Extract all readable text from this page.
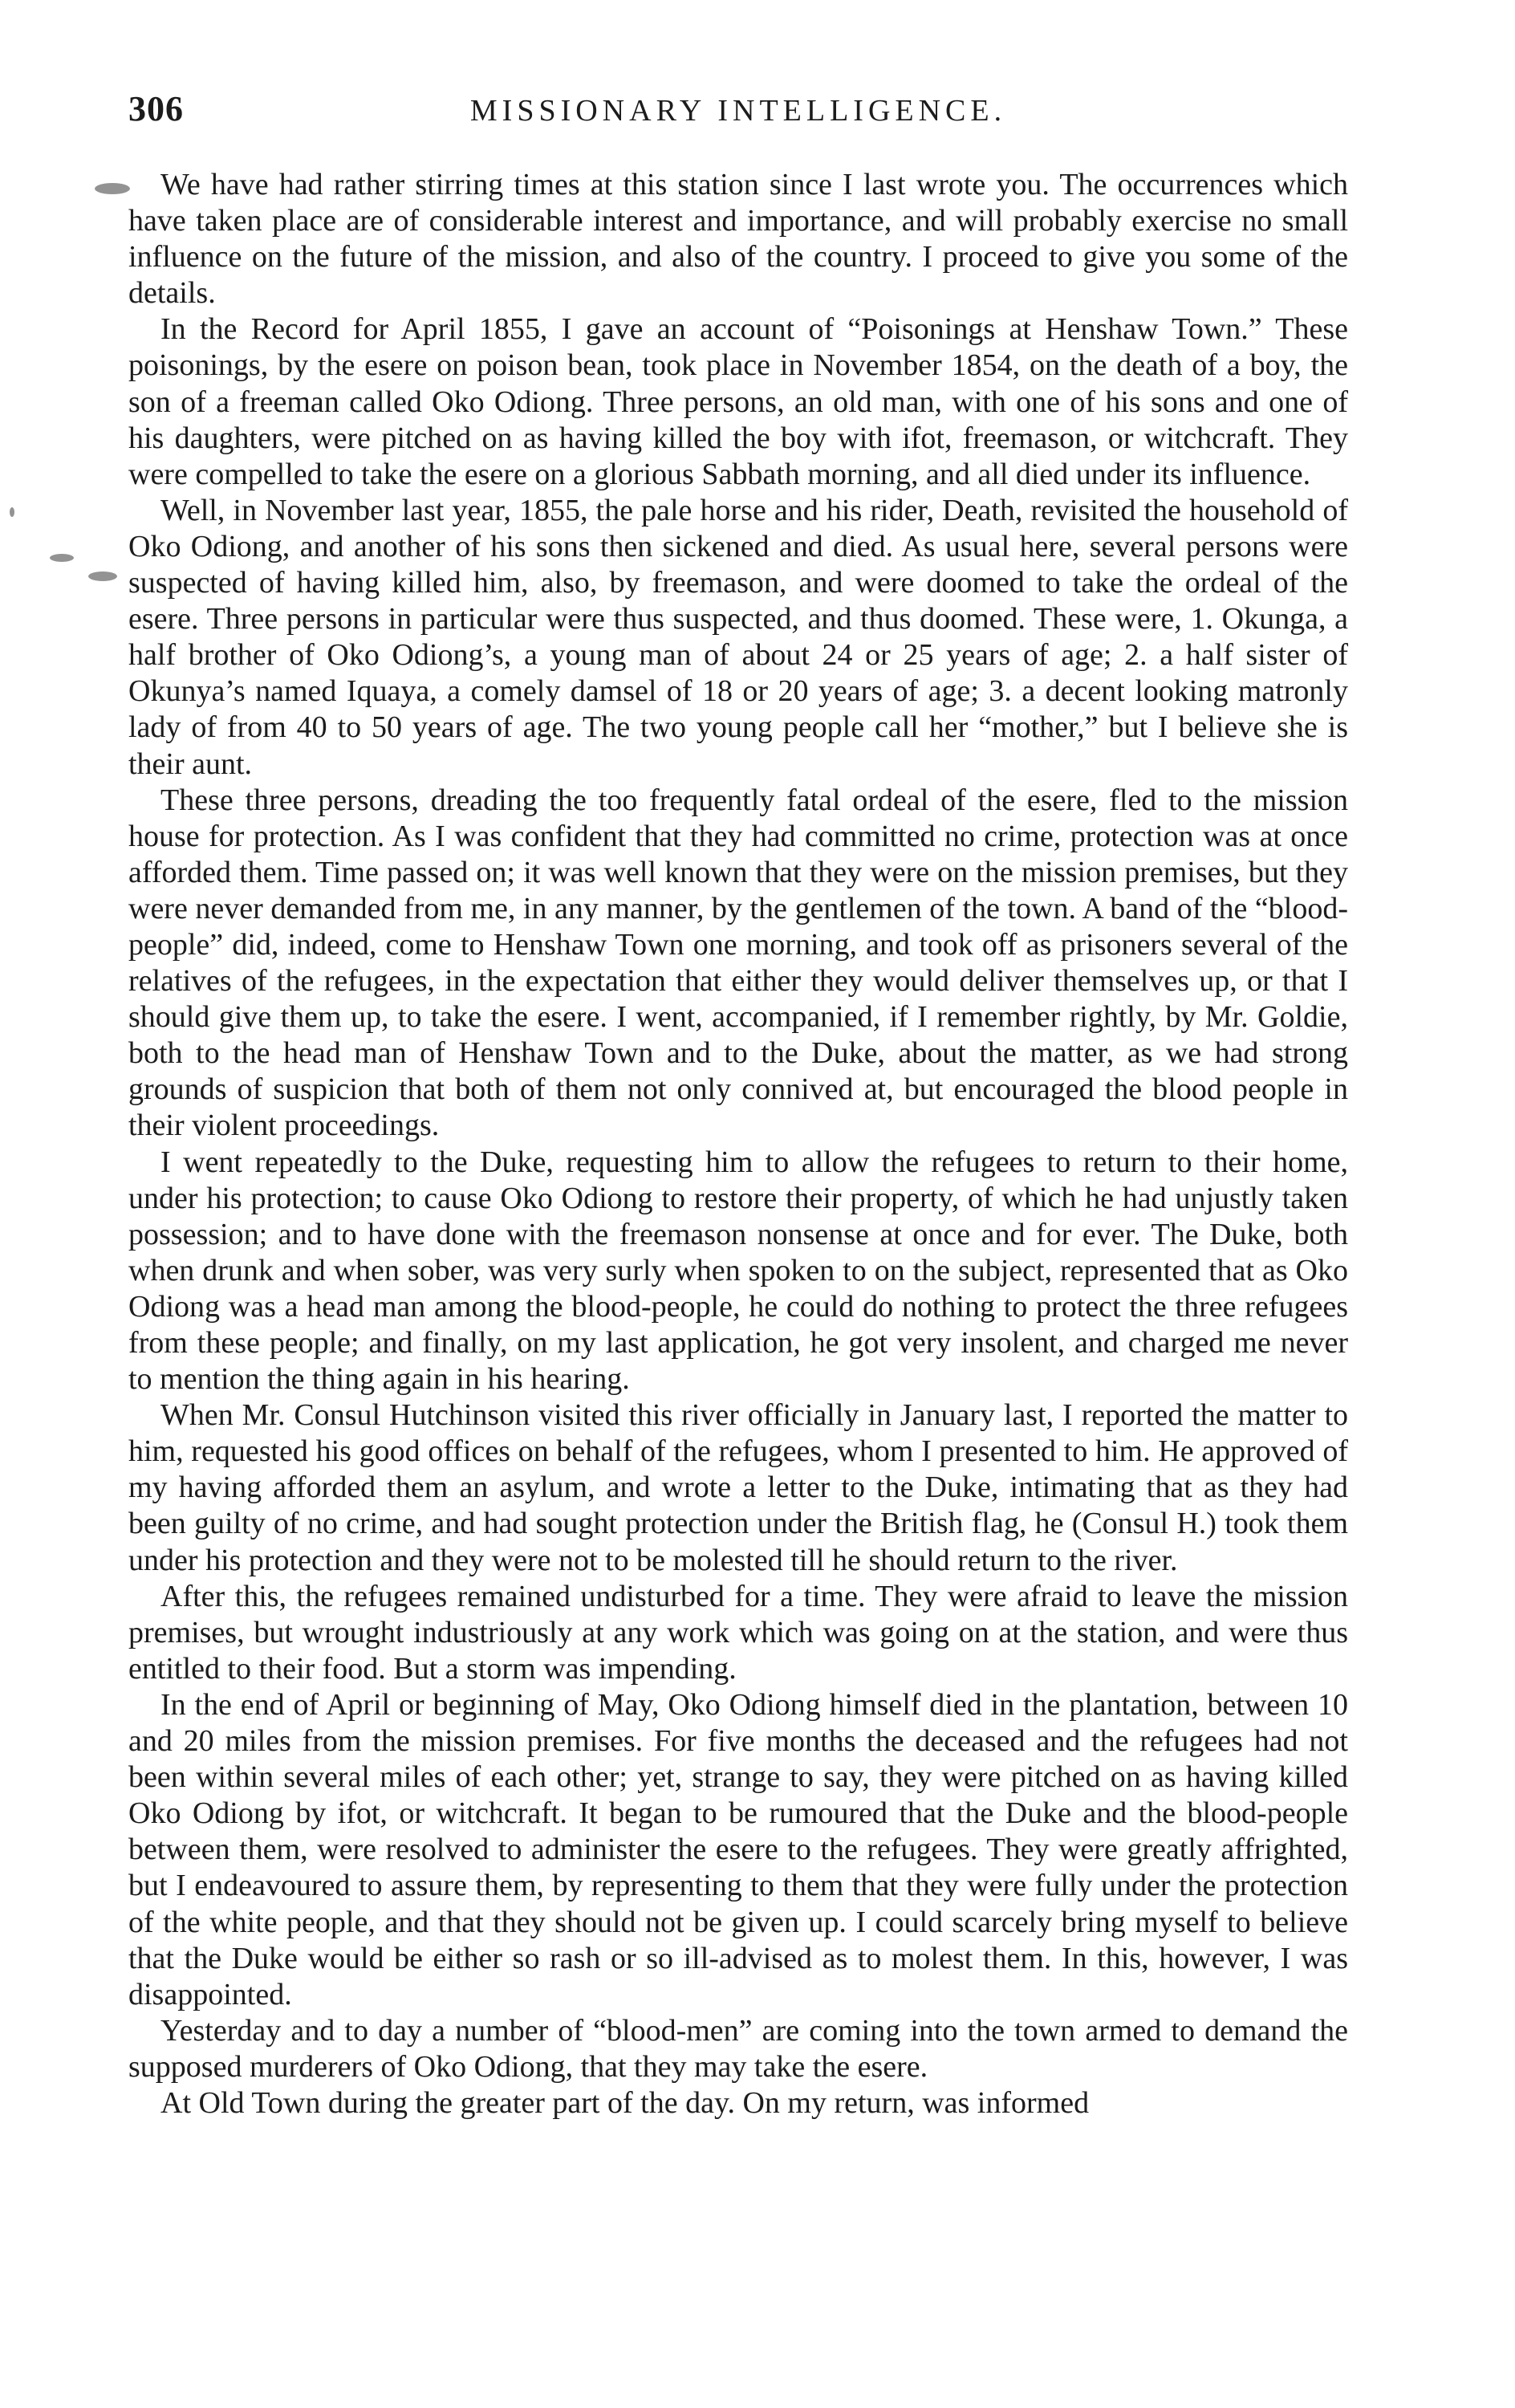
306	MISSIONARY INTELLIGENCE.

We have had rather stirring times at this station since I last wrote you. The occurrences which have taken place are of considerable interest and importance, and will probably exercise no small influence on the future of the mission, and also of the country. I proceed to give you some of the details.

In the Record for April 1855, I gave an account of “Poisonings at Henshaw Town.” These poisonings, by the esere on poison bean, took place in November 1854, on the death of a boy, the son of a freeman called Oko Odiong. Three persons, an old man, with one of his sons and one of his daughters, were pitched on as having killed the boy with ifot, freemason, or witchcraft. They were compelled to take the esere on a glorious Sabbath morning, and all died under its influence.

Well, in November last year, 1855, the pale horse and his rider, Death, revisited the household of Oko Odiong, and another of his sons then sickened and died. As usual here, several persons were suspected of having killed him, also, by freemason, and were doomed to take the ordeal of the esere. Three persons in particular were thus suspected, and thus doomed. These were, 1. Okunga, a half brother of Oko Odiong’s, a young man of about 24 or 25 years of age; 2. a half sister of Okunya’s named Iquaya, a comely damsel of 18 or 20 years of age; 3. a decent looking matronly lady of from 40 to 50 years of age. The two young people call her “mother,” but I believe she is their aunt.

These three persons, dreading the too frequently fatal ordeal of the esere, fled to the mission house for protection. As I was confident that they had committed no crime, protection was at once afforded them. Time passed on; it was well known that they were on the mission premises, but they were never demanded from me, in any manner, by the gentlemen of the town. A band of the “blood-people” did, indeed, come to Henshaw Town one morning, and took off as prisoners several of the relatives of the refugees, in the expectation that either they would deliver themselves up, or that I should give them up, to take the esere. I went, accompanied, if I remember rightly, by Mr. Goldie, both to the head man of Henshaw Town and to the Duke, about the matter, as we had strong grounds of suspicion that both of them not only connived at, but encouraged the blood people in their violent proceedings.

I went repeatedly to the Duke, requesting him to allow the refugees to return to their home, under his protection; to cause Oko Odiong to restore their property, of which he had unjustly taken possession; and to have done with the freemason nonsense at once and for ever. The Duke, both when drunk and when sober, was very surly when spoken to on the subject, represented that as Oko Odiong was a head man among the blood-people, he could do nothing to protect the three refugees from these people; and finally, on my last application, he got very insolent, and charged me never to mention the thing again in his hearing.

When Mr. Consul Hutchinson visited this river officially in January last, I reported the matter to him, requested his good offices on behalf of the refugees, whom I presented to him. He approved of my having afforded them an asylum, and wrote a letter to the Duke, intimating that as they had been guilty of no crime, and had sought protection under the British flag, he (Consul H.) took them under his protection and they were not to be molested till he should return to the river.

After this, the refugees remained undisturbed for a time. They were afraid to leave the mission premises, but wrought industriously at any work which was going on at the station, and were thus entitled to their food. But a storm was impending.

In the end of April or beginning of May, Oko Odiong himself died in the plantation, between 10 and 20 miles from the mission premises. For five months the deceased and the refugees had not been within several miles of each other; yet, strange to say, they were pitched on as having killed Oko Odiong by ifot, or witchcraft. It began to be rumoured that the Duke and the blood-people between them, were resolved to administer the esere to the refugees. They were greatly affrighted, but I endeavoured to assure them, by representing to them that they were fully under the protection of the white people, and that they should not be given up. I could scarcely bring myself to believe that the Duke would be either so rash or so ill-advised as to molest them. In this, however, I was disappointed.

Yesterday and to day a number of “blood-men” are coming into the town armed to demand the supposed murderers of Oko Odiong, that they may take the esere.

At Old Town during the greater part of the day. On my return, was informed
